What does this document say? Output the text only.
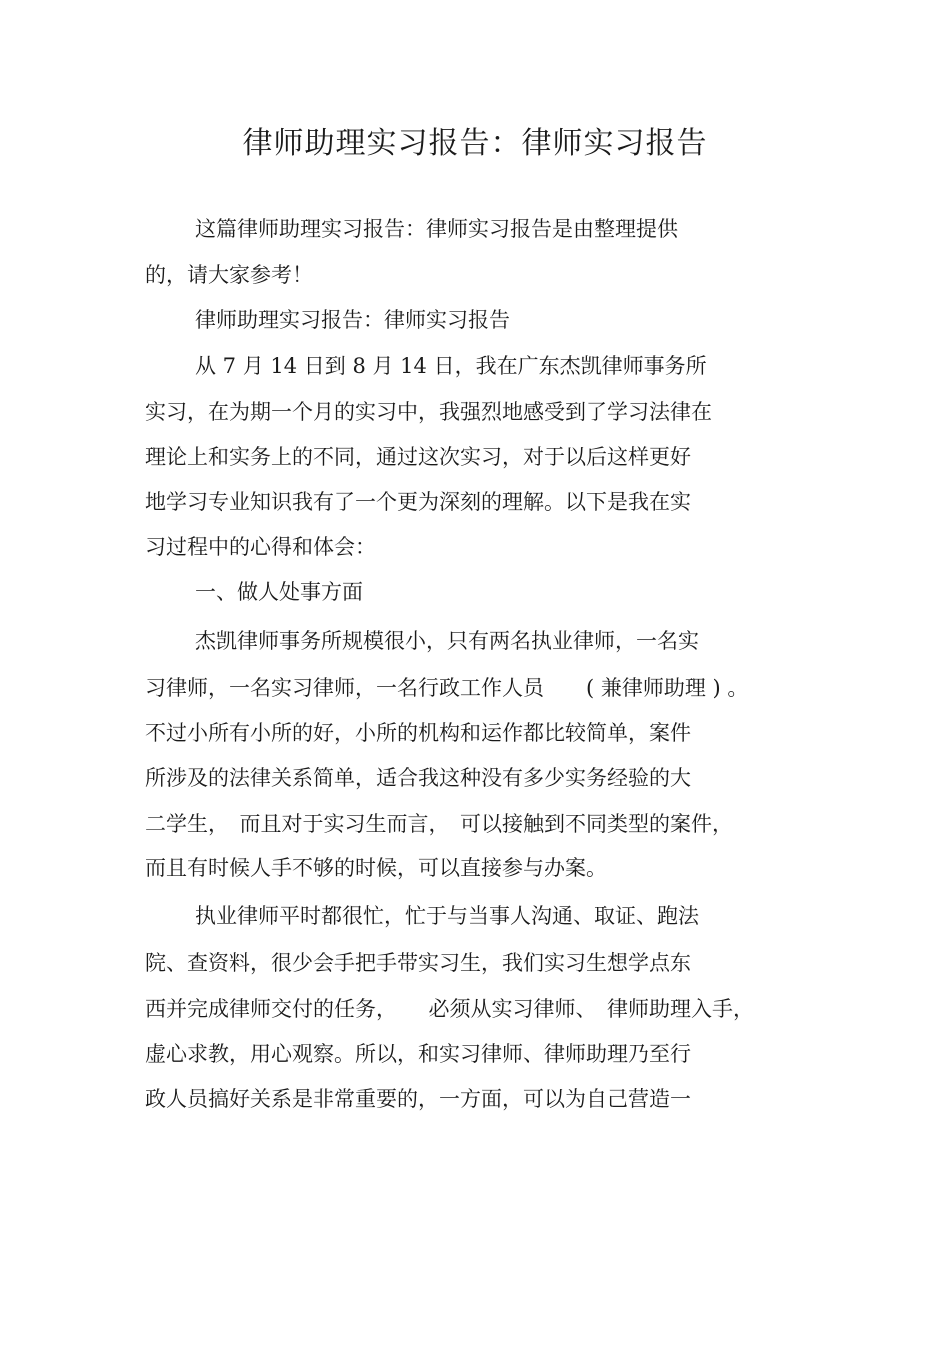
律师助理实习报告：律师实习报告
这篇律师助理实习报告：律师实习报告是由整理提供
的，请大家参考！
律师助理实习报告：律师实习报告
从 7 月 14 日到 8 月 14 日，我在广东杰凯律师事务所
实习，在为期一个月的实习中，我强烈地感受到了学习法律在
理论上和实务上的不同，通过这次实习，对于以后这样更好
地学习专业知识我有了一个更为深刻的理解。以下是我在实
习过程中的心得和体会：
一、做人处事方面
杰凯律师事务所规模很小，只有两名执业律师，一名实
习律师，一名实习律师，一名行政工作人员　　( 兼律师助理 ) 。
不过小所有小所的好，小所的机构和运作都比较简单，案件
所涉及的法律关系简单，适合我这种没有多少实务经验的大
二学生，　而且对于实习生而言，　可以接触到不同类型的案件，
而且有时候人手不够的时候，可以直接参与办案。
执业律师平时都很忙，忙于与当事人沟通、取证、跑法
院、查资料，很少会手把手带实习生，我们实习生想学点东
西并完成律师交付的任务，　　必须从实习律师、　律师助理入手，
虚心求教，用心观察。所以，和实习律师、律师助理乃至行
政人员搞好关系是非常重要的，一方面，可以为自己营造一
